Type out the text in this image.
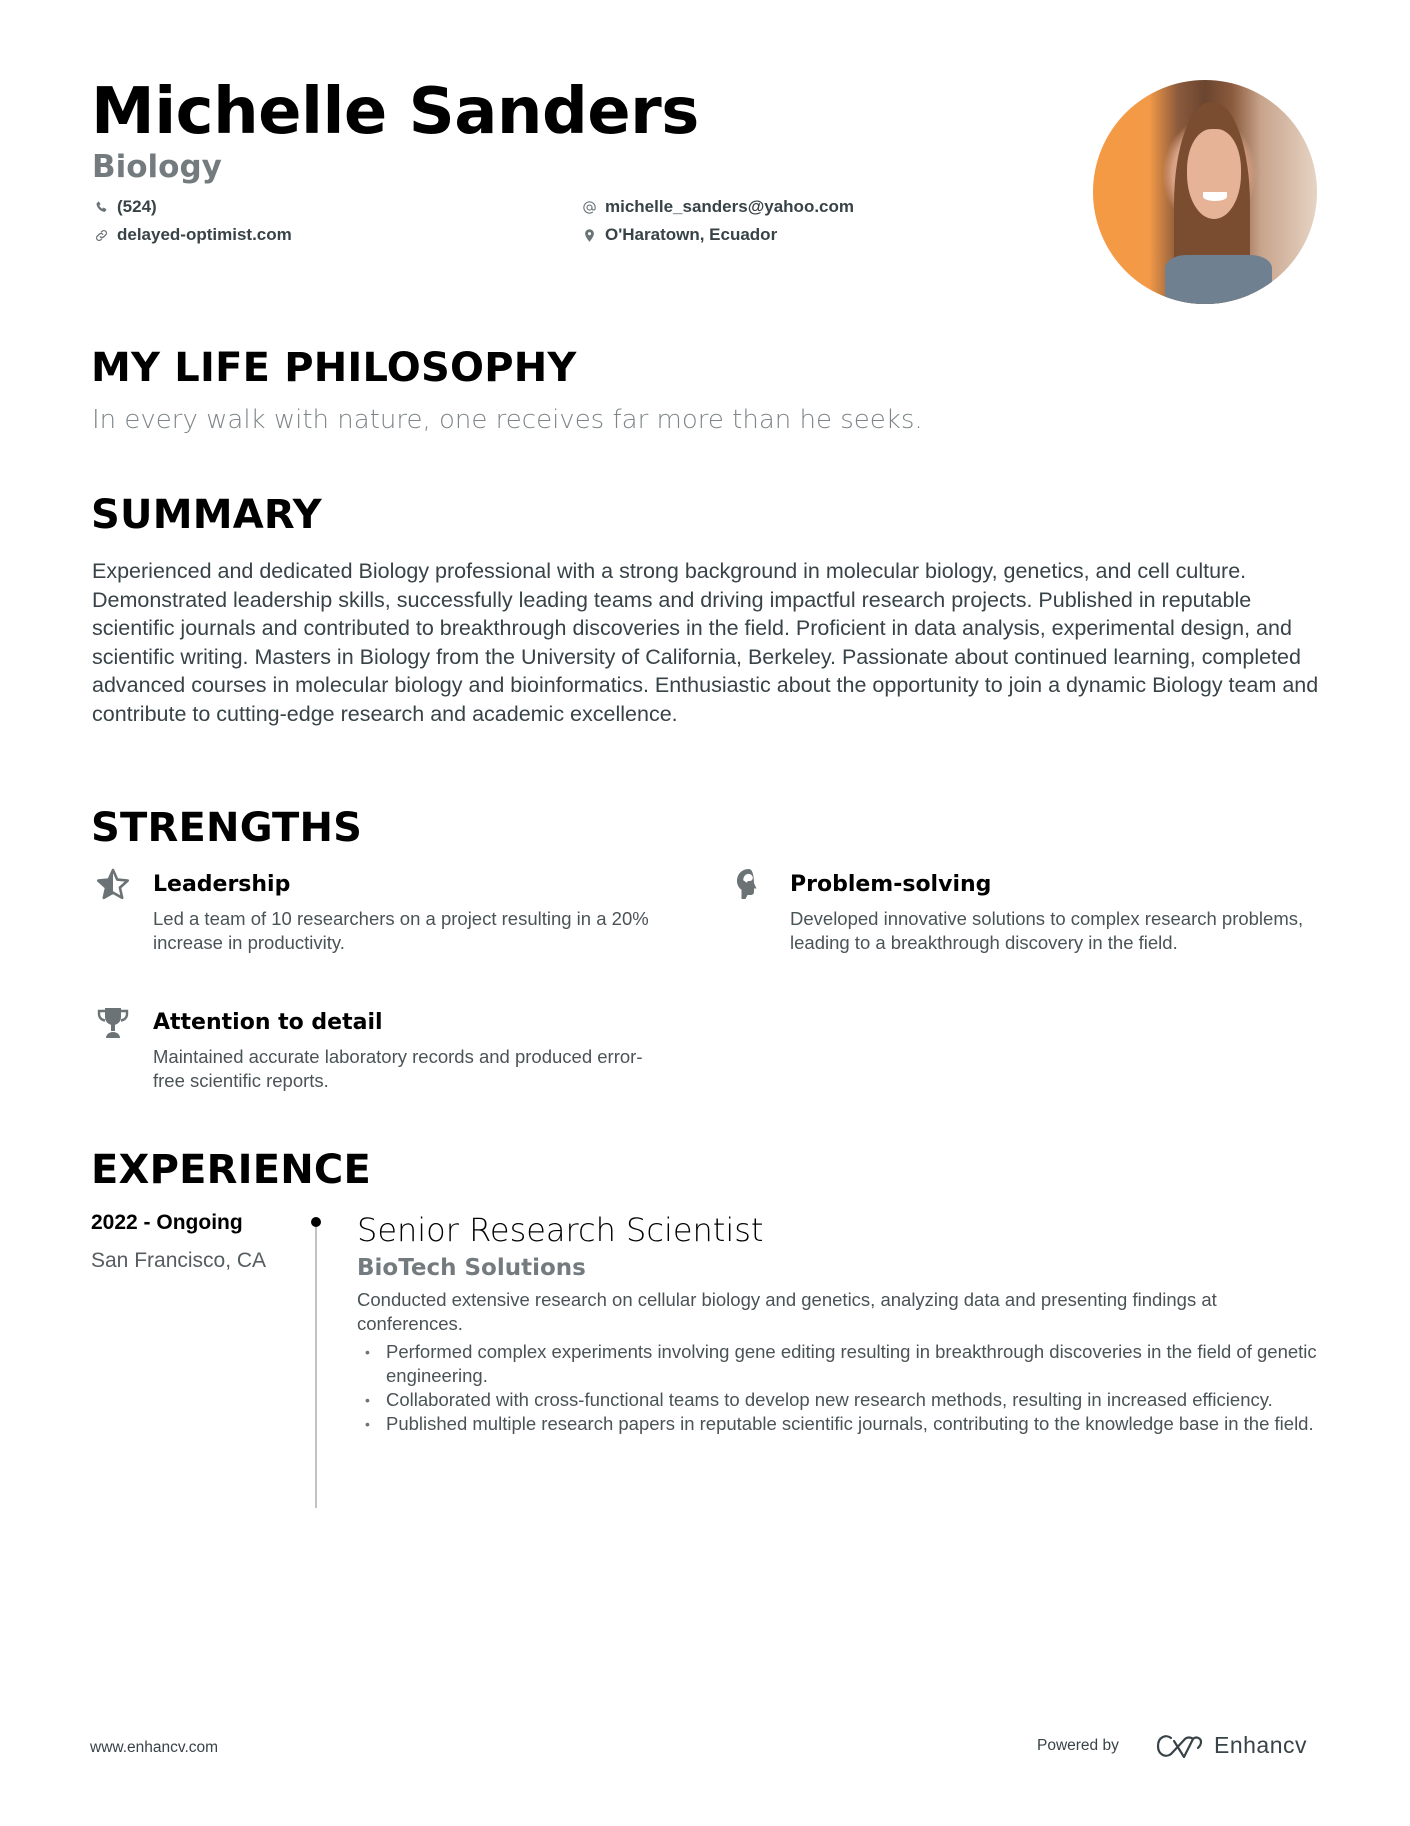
Michelle Sanders
Biology
(524)
delayed-optimist.com
michelle_sanders@yahoo.com
O'Haratown, Ecuador
MY LIFE PHILOSOPHY
In every walk with nature, one receives far more than he seeks.
SUMMARY
Experienced and dedicated Biology professional with a strong background in molecular biology, genetics, and cell culture. Demonstrated leadership skills, successfully leading teams and driving impactful research projects. Published in reputable scientific journals and contributed to breakthrough discoveries in the field. Proficient in data analysis, experimental design, and scientific writing. Masters in Biology from the University of California, Berkeley. Passionate about continued learning, completed advanced courses in molecular biology and bioinformatics. Enthusiastic about the opportunity to join a dynamic Biology team and contribute to cutting-edge research and academic excellence.
STRENGTHS
Leadership
Led a team of 10 researchers on a project resulting in a 20% increase in productivity.
Problem-solving
Developed innovative solutions to complex research problems, leading to a breakthrough discovery in the field.
Attention to detail
Maintained accurate laboratory records and produced error-free scientific reports.
EXPERIENCE
2022 - Ongoing
San Francisco, CA
Senior Research Scientist
BioTech Solutions
Conducted extensive research on cellular biology and genetics, analyzing data and presenting findings at conferences.
• Performed complex experiments involving gene editing resulting in breakthrough discoveries in the field of genetic engineering.
• Collaborated with cross-functional teams to develop new research methods, resulting in increased efficiency.
• Published multiple research papers in reputable scientific journals, contributing to the knowledge base in the field.
www.enhancv.com	Powered by	Enhancv
